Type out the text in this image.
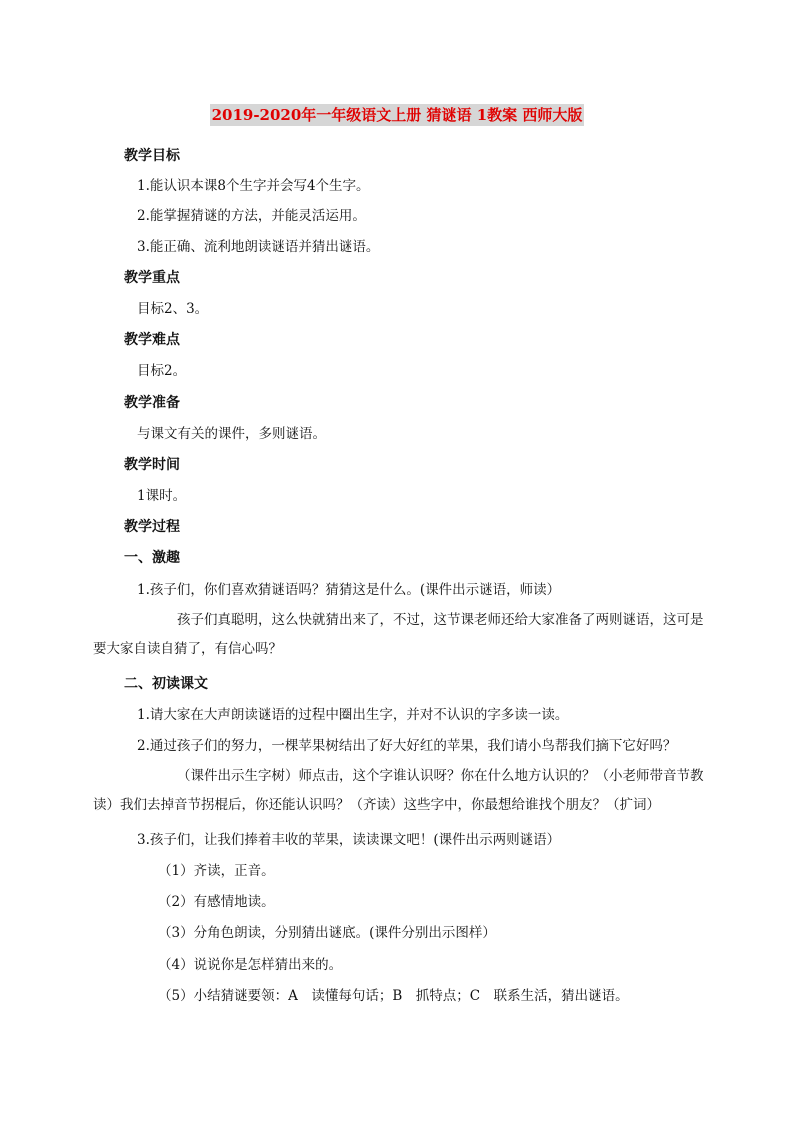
2019-2020年一年级语文上册 猜谜语 1教案 西师大版
教学目标
1.能认识本课8个生字并会写4个生字。
2.能掌握猜谜的方法，并能灵活运用。
3.能正确、流利地朗读谜语并猜出谜语。
教学重点
目标2、3。
教学难点
目标2。
教学准备
与课文有关的课件，多则谜语。
教学时间
1课时。
教学过程
一、激趣
1.孩子们，你们喜欢猜谜语吗？猜猜这是什么。(课件出示谜语，师读）
孩子们真聪明，这么快就猜出来了，不过，这节课老师还给大家准备了两则谜语，这可是要大家自读自猜了，有信心吗？
二、初读课文
1.请大家在大声朗读谜语的过程中圈出生字，并对不认识的字多读一读。
2.通过孩子们的努力，一棵苹果树结出了好大好红的苹果，我们请小鸟帮我们摘下它好吗？
（课件出示生字树）师点击，这个字谁认识呀？你在什么地方认识的？（小老师带音节教读）我们去掉音节拐棍后，你还能认识吗？（齐读）这些字中，你最想给谁找个朋友？（扩词）
3.孩子们，让我们捧着丰收的苹果，读读课文吧！(课件出示两则谜语）
（1）齐读，正音。
（2）有感情地读。
（3）分角色朗读，分别猜出谜底。(课件分别出示图样）
（4）说说你是怎样猜出来的。
（5）小结猜谜要领：A　读懂每句话；B　抓特点；C　联系生活，猜出谜语。
